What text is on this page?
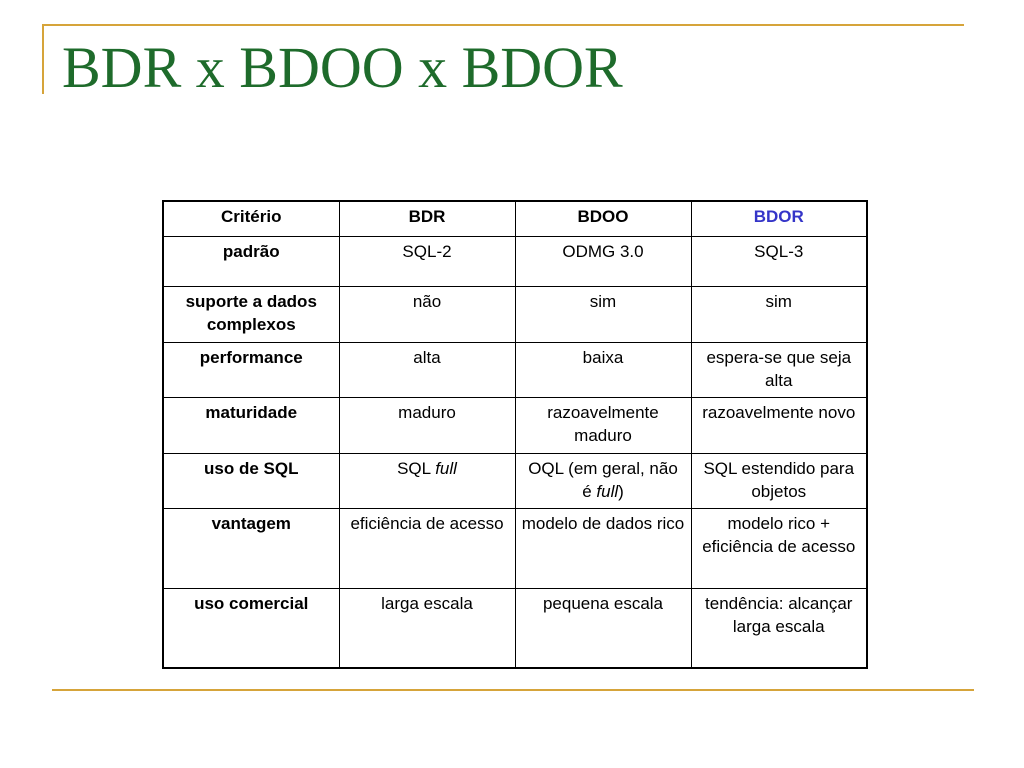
BDR x BDOO x BDOR
Critério	BDR	BDOO	BDOR
padrão	SQL-2	ODMG 3.0	SQL-3
suporte a dados complexos	não	sim	sim
performance	alta	baixa	espera-se que seja alta
maturidade	maduro	razoavelmente maduro	razoavelmente novo
uso de SQL	SQL full	OQL (em geral, não é full)	SQL estendido para objetos
vantagem	eficiência de acesso	modelo de dados rico	modelo rico + eficiência de acesso
uso comercial	larga escala	pequena escala	tendência: alcançar larga escala
